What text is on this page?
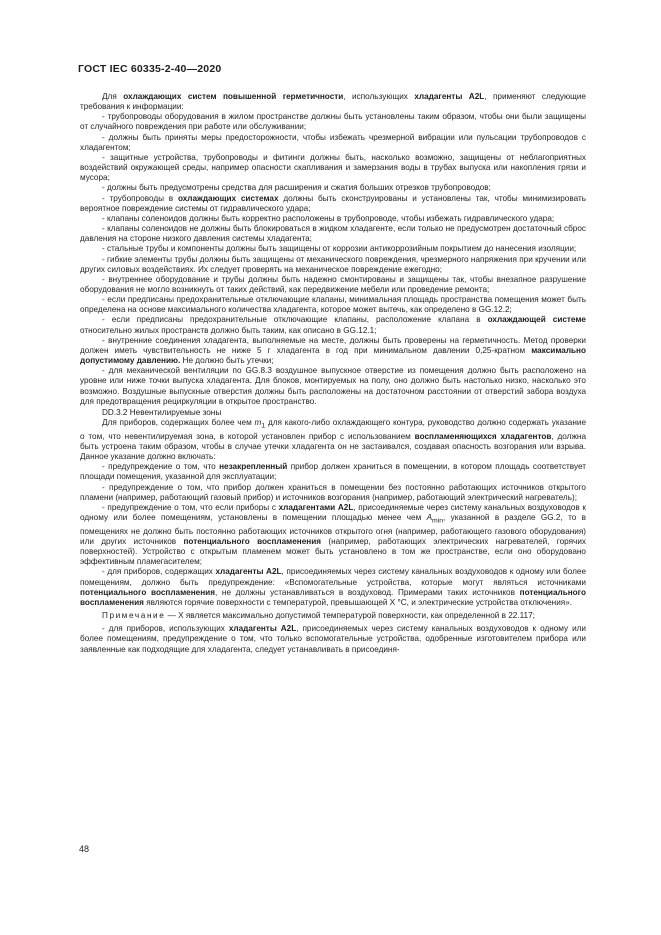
ГОСТ IEC 60335-2-40—2020

Для охлаждающих систем повышенной герметичности, использующих хладагенты A2L, применяют следующие требования к информации:

- трубопроводы оборудования в жилом пространстве должны быть установлены таким образом, чтобы они были защищены от случайного повреждения при работе или обслуживании;

- должны быть приняты меры предосторожности, чтобы избежать чрезмерной вибрации или пульсации трубопроводов с хладагентом;

- защитные устройства, трубопроводы и фитинги должны быть, насколько возможно, защищены от неблагоприятных воздействий окружающей среды, например опасности скапливания и замерзания воды в трубах выпуска или накопления грязи и мусора;

- должны быть предусмотрены средства для расширения и сжатия больших отрезков трубопроводов;

- трубопроводы в охлаждающих системах должны быть сконструированы и установлены так, чтобы минимизировать вероятное повреждение системы от гидравлического удара;

- клапаны соленоидов должны быть корректно расположены в трубопроводе, чтобы избежать гидравлического удара;

- клапаны соленоидов не должны быть блокироваться в жидком хладагенте, если только не предусмотрен достаточный сброс давления на стороне низкого давления системы хладагента;

- стальные трубы и компоненты должны быть защищены от коррозии антикоррозийным покрытием до нанесения изоляции;

- гибкие элементы трубы должны быть защищены от механического повреждения, чрезмерного напряжения при кручении или других силовых воздействиях. Их следует проверять на механическое повреждение ежегодно;

- внутреннее оборудование и трубы должны быть надежно смонтированы и защищены так, чтобы внезапное разрушение оборудования не могло возникнуть от таких действий, как передвижение мебели или проведение ремонта;

- если предписаны предохранительные отключающие клапаны, минимальная площадь пространства помещения может быть определена на основе максимального количества хладагента, которое может вытечь, как определено в GG.12.2;

- если предписаны предохранительные отключающие клапаны, расположение клапана в охлаждающей системе относительно жилых пространств должно быть таким, как описано в GG.12.1;

- внутренние соединения хладагента, выполняемые на месте, должны быть проверены на герметичность. Метод проверки должен иметь чувствительность не ниже 5 г хладагента в год при минимальном давлении 0,25-кратном максимально допустимому давлению. Не должно быть утечки;

- для механической вентиляции по GG.8.3 воздушное выпускное отверстие из помещения должно быть расположено на уровне или ниже точки выпуска хладагента. Для блоков, монтируемых на полу, оно должно быть настолько низко, насколько это возможно. Воздушные выпускные отверстия должны быть расположены на достаточном расстоянии от отверстий забора воздуха для предотвращения рециркуляции в открытое пространство.

DD.3.2 Невентилируемые зоны

Для приборов, содержащих более чем $m_1$ для какого-либо охлаждающего контура, руководство должно содержать указание о том, что невентилируемая зона, в которой установлен прибор с использованием воспламеняющихся хладагентов, должна быть устроена таким образом, чтобы в случае утечки хладагента он не застаивался, создавая опасность возгорания или взрыва. Данное указание должно включать:

- предупреждение о том, что незакрепленный прибор должен храниться в помещении, в котором площадь соответствует площади помещения, указанной для эксплуатации;

- предупреждение о том, что прибор должен храниться в помещении без постоянно работающих источников открытого пламени (например, работающий газовый прибор) и источников возгорания (например, работающий электрический нагреватель);

- предупреждение о том, что если приборы с хладагентами A2L, присоединяемые через систему канальных воздуховодов к одному или более помещениям, установлены в помещении площадью менее чем $A_{min}$, указанной в разделе GG.2, то в помещениях не должно быть постоянно работающих источников открытого огня (например, работающего газового оборудования) или других источников потенциального воспламенения (например, работающих электрических нагревателей, горячих поверхностей). Устройство с открытым пламенем может быть установлено в том же пространстве, если оно оборудовано эффективным пламегасителем;

- для приборов, содержащих хладагенты A2L, присоединяемых через систему канальных воздуховодов к одному или более помещениям, должно быть предупреждение: «Вспомогательные устройства, которые могут являться источниками потенциального воспламенения, не должны устанавливаться в воздуховод. Примерами таких источников потенциального воспламенения являются горячие поверхности с температурой, превышающей X °C, и электрические устройства отключения».

Примечание — X является максимально допустимой температурой поверхности, как определенной в 22.117;

- для приборов, использующих хладагенты A2L, присоединяемых через систему канальных воздуховодов к одному или более помещениям, предупреждение о том, что только вспомогательные устройства, одобренные изготовителем прибора или заявленные как подходящие для хладагента, следует устанавливать в присоединя-

48
